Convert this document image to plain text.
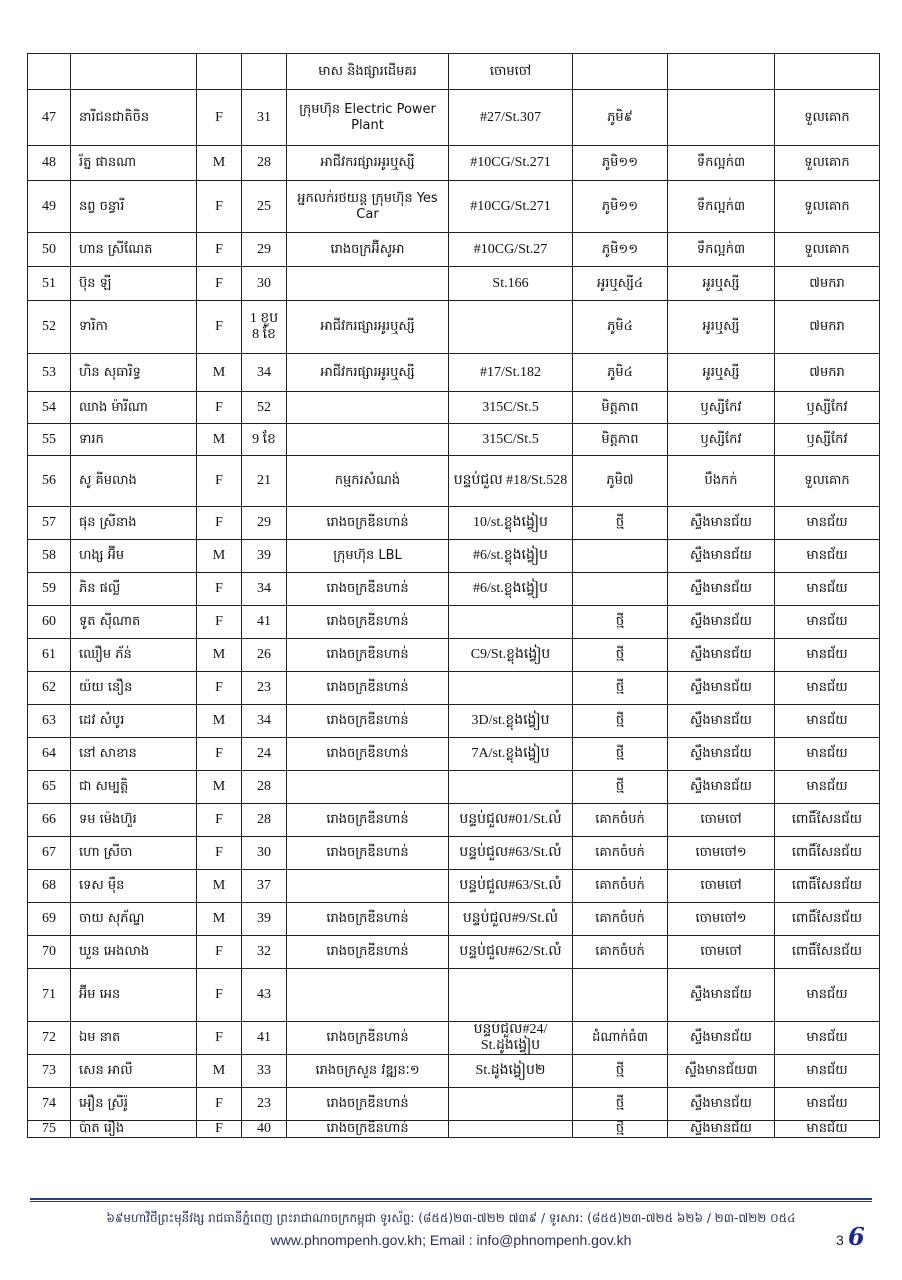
				មាស និងផ្សារដើមគរ	ចោមចៅ			
47	នារីជនជាតិចិន	F	31	ក្រុមហ៊ុន Electric Power Plant	#27/St.307	ភូមិ៩		ទួលគោក
48	រ័ត្ន ផានណា	M	28	អាជីវករផ្សារអូរឬស្សី	#10CG/St.271	ភូមិ១១	ទឹកល្អក់៣	ទួលគោក
49	នព្វ ចន្ធារី	F	25	អ្នកលក់រថយន្ត ក្រុមហ៊ុន Yes Car	#10CG/St.271	ភូមិ១១	ទឹកល្អក់៣	ទួលគោក
50	ហាន ស្រីណែត	F	29	រោងចក្រអ៊ីសូអា	#10CG/St.27	ភូមិ១១	ទឹកល្អក់៣	ទួលគោក
51	ប៊ុន ឡី	F	30		St.166	អូរឬស្សី៤	អូរឬស្សី	៧មករា
52	ទារិកា	F	1 ខួប 8 ខែ	អាជីវករផ្សារអូរឬស្សី		ភូមិ៤	អូរឬស្សី	៧មករា
53	ហិន សុធារិទ្ធ	M	34	អាជីវករផ្សារអូរឬស្សី	#17/St.182	ភូមិ៤	អូរឬស្សី	៧មករា
54	ឈាង ម៉ារីណា	F	52		315C/St.5	មិត្តភាព	ឫស្សីកែវ	ឫស្សីកែវ
55	ទារក	M	9 ខែ		315C/St.5	មិត្តភាព	ឫស្សីកែវ	ឫស្សីកែវ
56	សូ គីមលាង	F	21	កម្មករសំណង់	បន្ទប់ជួល #18/St.528	ភូមិ៧	បឹងកក់	ទួលគោក
57	ផុន ស្រីនាង	F	29	រោងចក្រឌីនហាន់	10/st.ខ្លុងង្វៀប	ថ្មី	ស្ទឹងមានជ័យ	មានជ័យ
58	ហង្ស អ៊ីម	M	39	ក្រុមហ៊ុន LBL	#6/st.ខ្លុងង្វៀប		ស្ទឹងមានជ័យ	មានជ័យ
59	ភិន ផល្លី	F	34	រោងចក្រឌីនហាន់	#6/st.ខ្លុងង្វៀប		ស្ទឹងមានជ័យ	មានជ័យ
60	ទូត ស៊ីណាត	F	41	រោងចក្រឌីនហាន់		ថ្មី	ស្ទឹងមានជ័យ	មានជ័យ
61	ឈឿម ភ័ន់	M	26	រោងចក្រឌីនហាន់	C9/St.ខ្លុងង្វៀប	ថ្មី	ស្ទឹងមានជ័យ	មានជ័យ
62	យ៉យ នឿន	F	23	រោងចក្រឌីនហាន់		ថ្មី	ស្ទឹងមានជ័យ	មានជ័យ
63	ដេវ សំបូរ	M	34	រោងចក្រឌីនហាន់	3D/st.ខ្លុងង្វៀប	ថ្មី	ស្ទឹងមានជ័យ	មានជ័យ
64	នៅ សាខាន	F	24	រោងចក្រឌីនហាន់	7A/st.ខ្លុងង្វៀប	ថ្មី	ស្ទឹងមានជ័យ	មានជ័យ
65	ជា សម្បត្តិ	M	28			ថ្មី	ស្ទឹងមានជ័យ	មានជ័យ
66	ទម ម៉េងហ៊ួរ	F	28	រោងចក្រឌីនហាន់	បន្ទប់ជួល#01/St.លំ	គោកចំបក់	ចោមចៅ	ពោធិ៍សែនជ័យ
67	ហោ ស្រីចា	F	30	រោងចក្រឌីនហាន់	បន្ទប់ជួល#63/St.លំ	គោកចំបក់	ចោមចៅ១	ពោធិ៍សែនជ័យ
68	ទេស ម៉ឺន	M	37		បន្ទប់ជួល#63/St.លំ	គោកចំបក់	ចោមចៅ	ពោធិ៍សែនជ័យ
69	ចាយ សុភ័ណ្ឌ	M	39	រោងចក្រឌីនហាន់	បន្ទប់ជួល#9/St.លំ	គោកចំបក់	ចោមចៅ១	ពោធិ៍សែនជ័យ
70	ឃួន អេងលាង	F	32	រោងចក្រឌីនហាន់	បន្ទប់ជួល#62/St.លំ	គោកចំបក់	ចោមចៅ	ពោធិ៍សែនជ័យ
71	អ៊ីម អេន	F	43				ស្ទឹងមានជ័យ	មានជ័យ
72	ឯម នាត	F	41	រោងចក្រឌីនហាន់	បន្ទប់ជួល#24/ St.ដូងង្វៀប	ដំណាក់ធំ៣	ស្ទឹងមានជ័យ	មានជ័យ
73	សេន អាលី	M	33	រោងចក្រសួន វឌ្ឍនៈ១	St.ដូងង្វៀប២	ថ្មី	ស្ទឹងមានជ័យ៣	មានជ័យ
74	អឿន ស្រីរ៉ូ	F	23	រោងចក្រឌីនហាន់		ថ្មី	ស្ទឹងមានជ័យ	មានជ័យ
75	ប៉ាត រឿង	F	40	រោងចក្រឌីនហាន់		ថ្មី	ស្ទឹងមានជ័យ	មានជ័យ
៦៩មហាវិថីព្រះមុនីវង្ស រាជធានីភ្នំពេញ ព្រះរាជាណាចក្រកម្ពុជា ទូរស័ព្ទ: (៨៥៥)២៣-៧២២ ៧៣៩ / ទូរសារ: (៨៥៥)២៣-៧២៥ ៦២៦ / ២៣-៧២២ ០៥៤
www.phnompenh.gov.kh; Email : info@phnompenh.gov.kh	3 6
